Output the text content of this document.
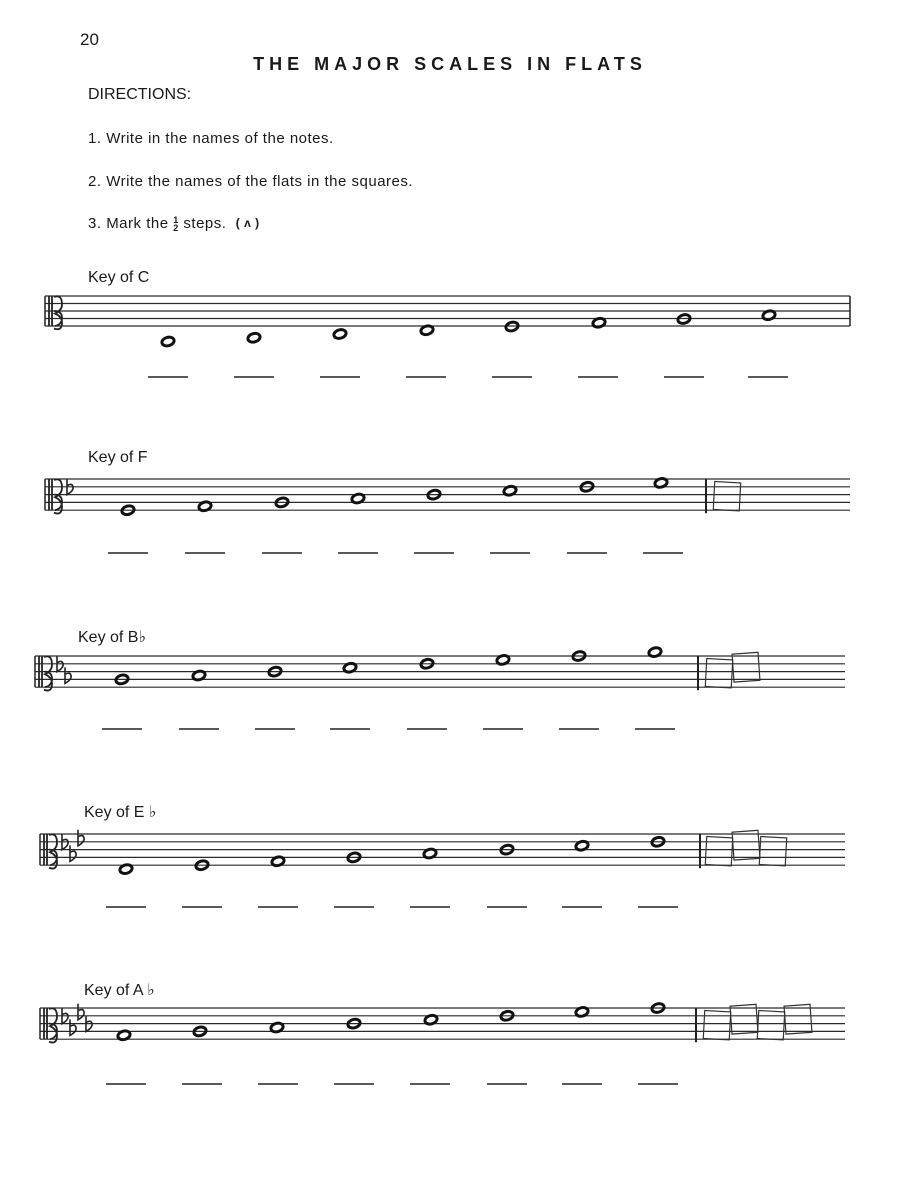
20
THE MAJOR SCALES IN FLATS
DIRECTIONS:
1. Write in the names of the notes.
2. Write the names of the flats in the squares.
3. Mark the 1
2 steps. ( ʌ )
Key of C
Key of F
Key of B♭
Key of E ♭
Key of A ♭
